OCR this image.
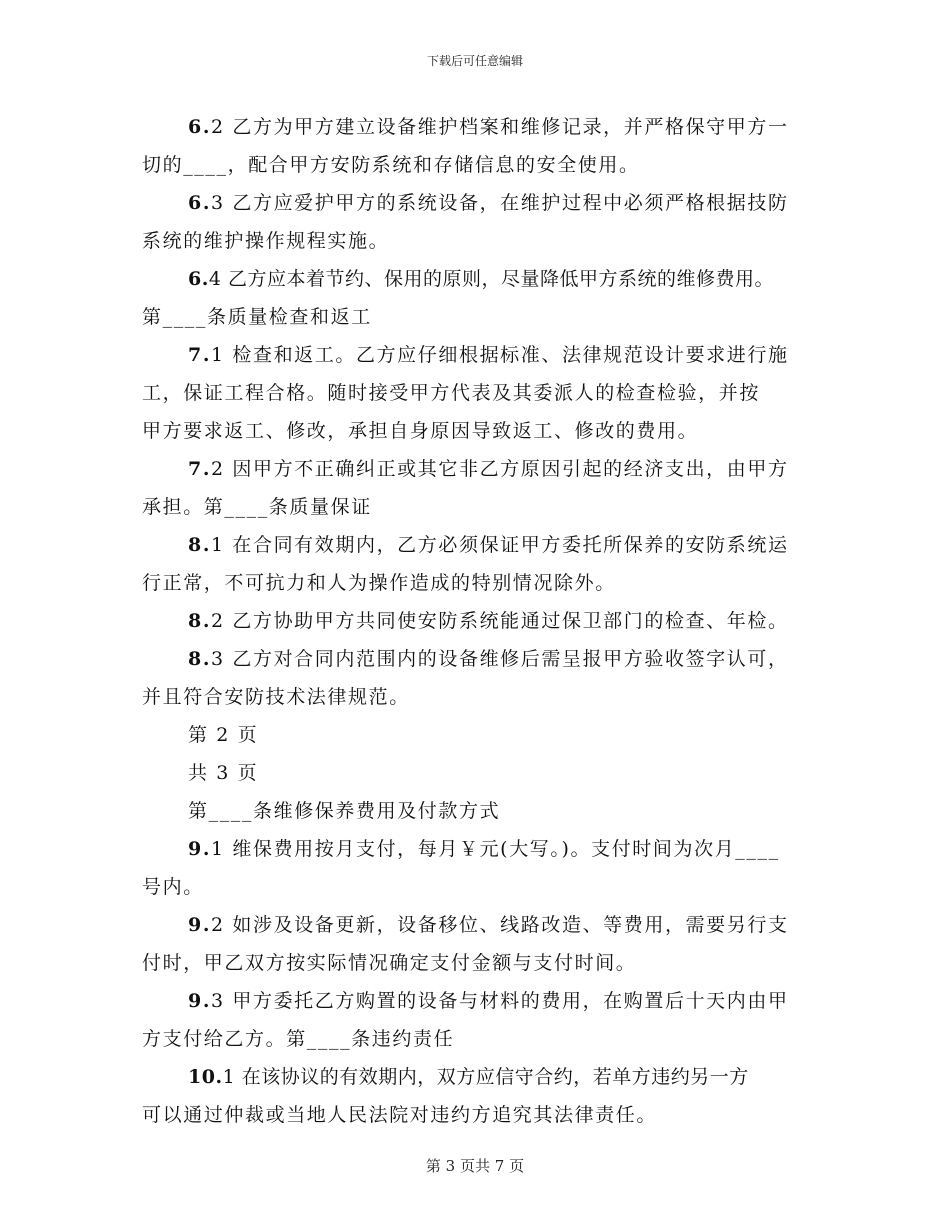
下载后可任意编辑
6.2 乙方为甲方建立设备维护档案和维修记录，并严格保守甲方一
切的____，配合甲方安防系统和存储信息的安全使用。
6.3 乙方应爱护甲方的系统设备，在维护过程中必须严格根据技防
系统的维护操作规程实施。
6.4 乙方应本着节约、保用的原则，尽量降低甲方系统的维修费用。
第____条质量检查和返工
7.1 检查和返工。乙方应仔细根据标准、法律规范设计要求进行施
工，保证工程合格。随时接受甲方代表及其委派人的检查检验，并按
甲方要求返工、修改，承担自身原因导致返工、修改的费用。
7.2 因甲方不正确纠正或其它非乙方原因引起的经济支出，由甲方
承担。第____条质量保证
8.1 在合同有效期内，乙方必须保证甲方委托所保养的安防系统运
行正常，不可抗力和人为操作造成的特别情况除外。
8.2 乙方协助甲方共同使安防系统能通过保卫部门的检查、年检。
8.3 乙方对合同内范围内的设备维修后需呈报甲方验收签字认可，
并且符合安防技术法律规范。
第 2 页
共 3 页
第____条维修保养费用及付款方式
9.1 维保费用按月支付，每月￥元(大写。)。支付时间为次月____
号内。
9.2 如涉及设备更新，设备移位、线路改造、等费用，需要另行支
付时，甲乙双方按实际情况确定支付金额与支付时间。
9.3 甲方委托乙方购置的设备与材料的费用，在购置后十天内由甲
方支付给乙方。第____条违约责任
10.1 在该协议的有效期内，双方应信守合约，若单方违约另一方
可以通过仲裁或当地人民法院对违约方追究其法律责任。
第 3 页共 7 页
